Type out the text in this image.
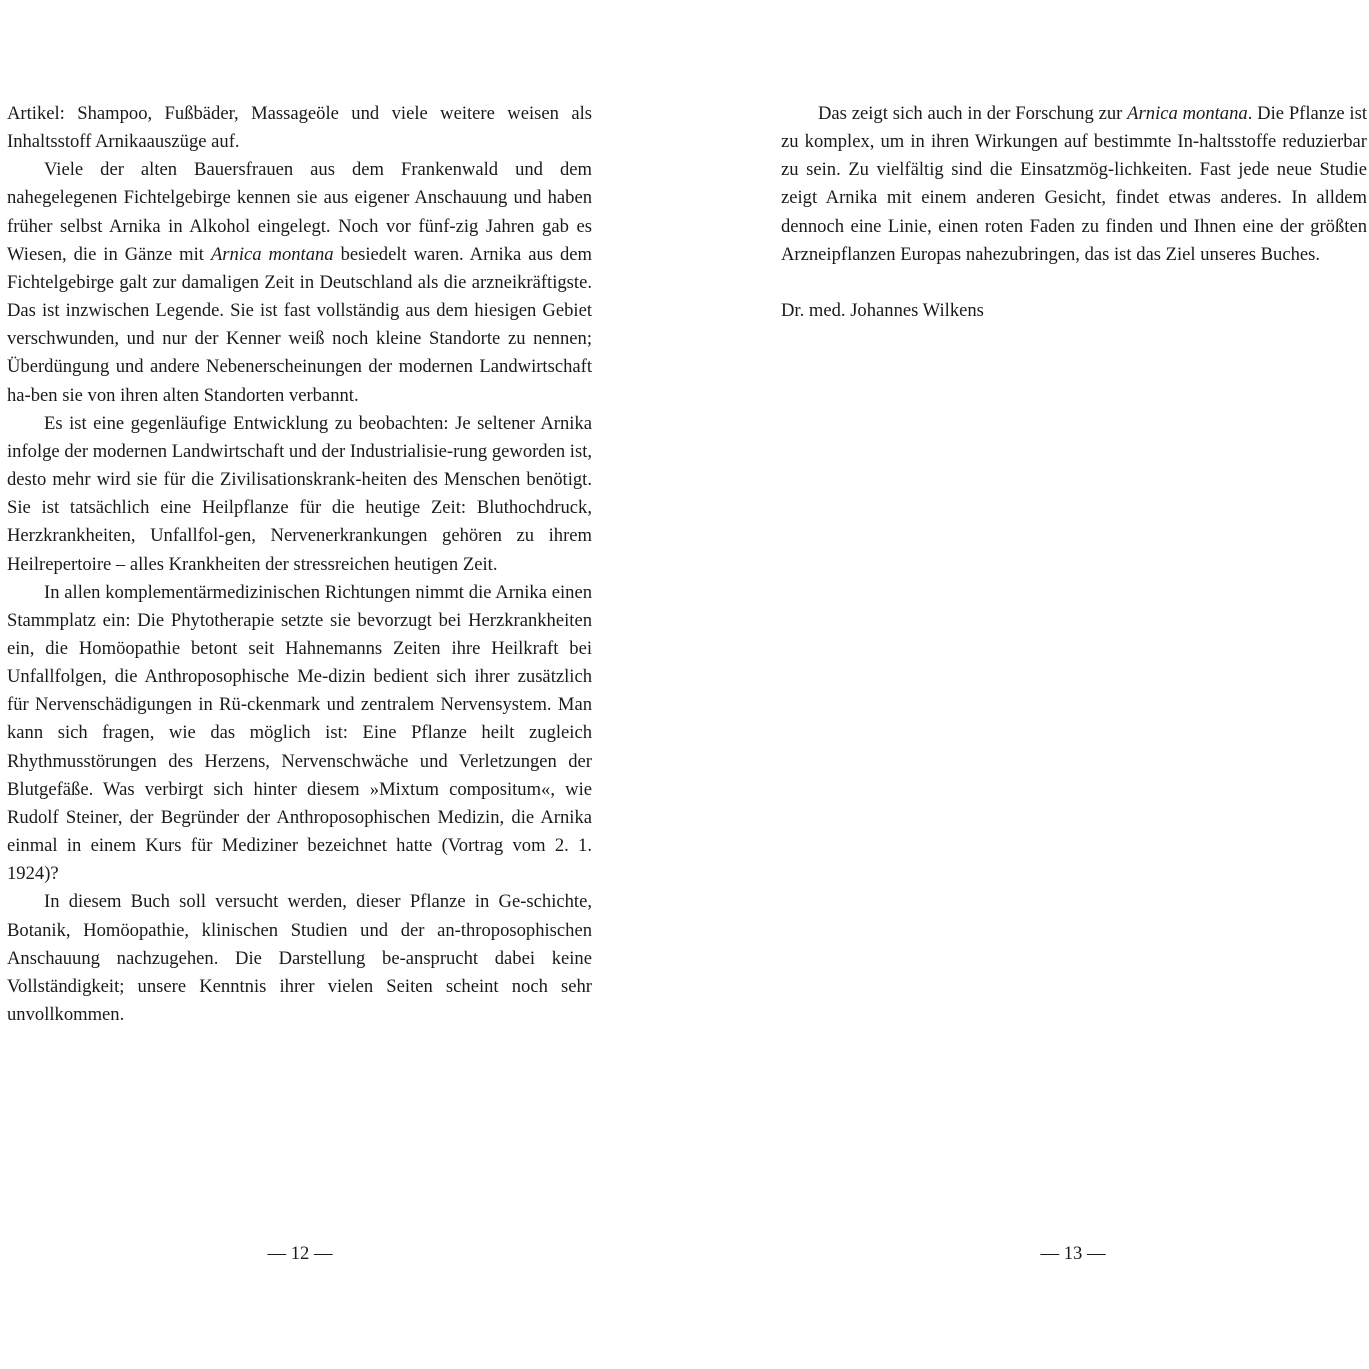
Artikel: Shampoo, Fußbäder, Massageöle und viele weitere weisen als Inhaltsstoff Arnikaauszüge auf.

Viele der alten Bauersfrauen aus dem Frankenwald und dem nahegelegenen Fichtelgebirge kennen sie aus eigener Anschauung und haben früher selbst Arnika in Alkohol eingelegt. Noch vor fünf-zig Jahren gab es Wiesen, die in Gänze mit Arnica montana besiedelt waren. Arnika aus dem Fichtelgebirge galt zur damaligen Zeit in Deutschland als die arzneikräftigste. Das ist inzwischen Legende. Sie ist fast vollständig aus dem hiesigen Gebiet verschwunden, und nur der Kenner weiß noch kleine Standorte zu nennen; Überdüngung und andere Nebenerscheinungen der modernen Landwirtschaft ha-ben sie von ihren alten Standorten verbannt.

Es ist eine gegenläufige Entwicklung zu beobachten: Je seltener Arnika infolge der modernen Landwirtschaft und der Industrialisie-rung geworden ist, desto mehr wird sie für die Zivilisationskrank-heiten des Menschen benötigt. Sie ist tatsächlich eine Heilpflanze für die heutige Zeit: Bluthochdruck, Herzkrankheiten, Unfallfol-gen, Nervenerkrankungen gehören zu ihrem Heilrepertoire – alles Krankheiten der stressreichen heutigen Zeit.

In allen komplementärmedizinischen Richtungen nimmt die Arnika einen Stammplatz ein: Die Phytotherapie setzte sie bevorzugt bei Herzkrankheiten ein, die Homöopathie betont seit Hahnemanns Zeiten ihre Heilkraft bei Unfallfolgen, die Anthroposophische Me-dizin bedient sich ihrer zusätzlich für Nervenschädigungen in Rü-ckenmark und zentralem Nervensystem. Man kann sich fragen, wie das möglich ist: Eine Pflanze heilt zugleich Rhythmusstörungen des Herzens, Nervenschwäche und Verletzungen der Blutgefäße. Was verbirgt sich hinter diesem »Mixtum compositum«, wie Rudolf Steiner, der Begründer der Anthroposophischen Medizin, die Arnika einmal in einem Kurs für Mediziner bezeichnet hatte (Vortrag vom 2. 1. 1924)?

In diesem Buch soll versucht werden, dieser Pflanze in Ge-schichte, Botanik, Homöopathie, klinischen Studien und der an-throposophischen Anschauung nachzugehen. Die Darstellung be-ansprucht dabei keine Vollständigkeit; unsere Kenntnis ihrer vielen Seiten scheint noch sehr unvollkommen.

— 12 —

Das zeigt sich auch in der Forschung zur Arnica montana. Die Pflanze ist zu komplex, um in ihren Wirkungen auf bestimmte In-haltsstoffe reduzierbar zu sein. Zu vielfältig sind die Einsatzmög-lichkeiten. Fast jede neue Studie zeigt Arnika mit einem anderen Gesicht, findet etwas anderes. In alldem dennoch eine Linie, einen roten Faden zu finden und Ihnen eine der größten Arzneipflanzen Europas nahezubringen, das ist das Ziel unseres Buches.

Dr. med. Johannes Wilkens

— 13 —
